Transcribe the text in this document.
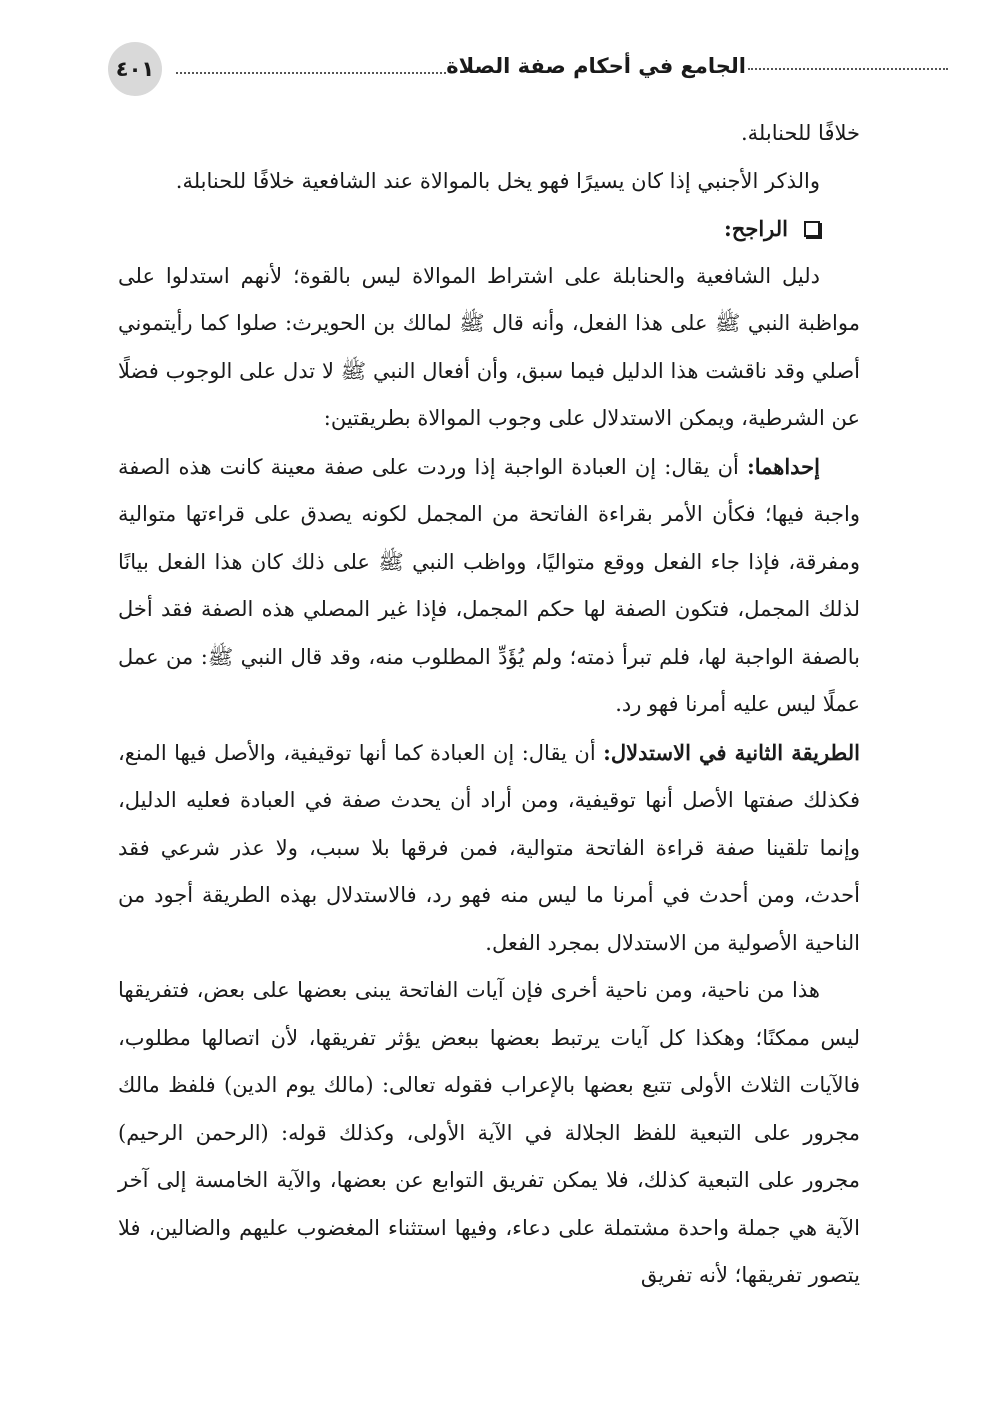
٤٠١	الجامع في أحكام صفة الصلاة

خلافًا للحنابلة.

والذكر الأجنبي إذا كان يسيرًا فهو يخل بالموالاة عند الشافعية خلافًا للحنابلة.

الراجح:

دليل الشافعية والحنابلة على اشتراط الموالاة ليس بالقوة؛ لأنهم استدلوا على مواظبة النبي ﷺ على هذا الفعل، وأنه قال ﷺ لمالك بن الحويرث: صلوا كما رأيتموني أصلي وقد ناقشت هذا الدليل فيما سبق، وأن أفعال النبي ﷺ لا تدل على الوجوب فضلًا عن الشرطية، ويمكن الاستدلال على وجوب الموالاة بطريقتين:

إحداهما: أن يقال: إن العبادة الواجبة إذا وردت على صفة معينة كانت هذه الصفة واجبة فيها؛ فكأن الأمر بقراءة الفاتحة من المجمل لكونه يصدق على قراءتها متوالية ومفرقة، فإذا جاء الفعل ووقع متواليًا، وواظب النبي ﷺ على ذلك كان هذا الفعل بيانًا لذلك المجمل، فتكون الصفة لها حكم المجمل، فإذا غير المصلي هذه الصفة فقد أخل بالصفة الواجبة لها، فلم تبرأ ذمته؛ ولم يُؤَدِّ المطلوب منه، وقد قال النبي ﷺ: من عمل عملًا ليس عليه أمرنا فهو رد.

الطريقة الثانية في الاستدلال: أن يقال: إن العبادة كما أنها توقيفية، والأصل فيها المنع، فكذلك صفتها الأصل أنها توقيفية، ومن أراد أن يحدث صفة في العبادة فعليه الدليل، وإنما تلقينا صفة قراءة الفاتحة متوالية، فمن فرقها بلا سبب، ولا عذر شرعي فقد أحدث، ومن أحدث في أمرنا ما ليس منه فهو رد، فالاستدلال بهذه الطريقة أجود من الناحية الأصولية من الاستدلال بمجرد الفعل.

هذا من ناحية، ومن ناحية أخرى فإن آيات الفاتحة يبنى بعضها على بعض، فتفريقها ليس ممكنًا؛ وهكذا كل آيات يرتبط بعضها ببعض يؤثر تفريقها، لأن اتصالها مطلوب، فالآيات الثلاث الأولى تتبع بعضها بالإعراب فقوله تعالى: (مالك يوم الدين) فلفظ مالك مجرور على التبعية للفظ الجلالة في الآية الأولى، وكذلك قوله: (الرحمن الرحيم) مجرور على التبعية كذلك، فلا يمكن تفريق التوابع عن بعضها، والآية الخامسة إلى آخر الآية هي جملة واحدة مشتملة على دعاء، وفيها استثناء المغضوب عليهم والضالين، فلا يتصور تفريقها؛ لأنه تفريق
